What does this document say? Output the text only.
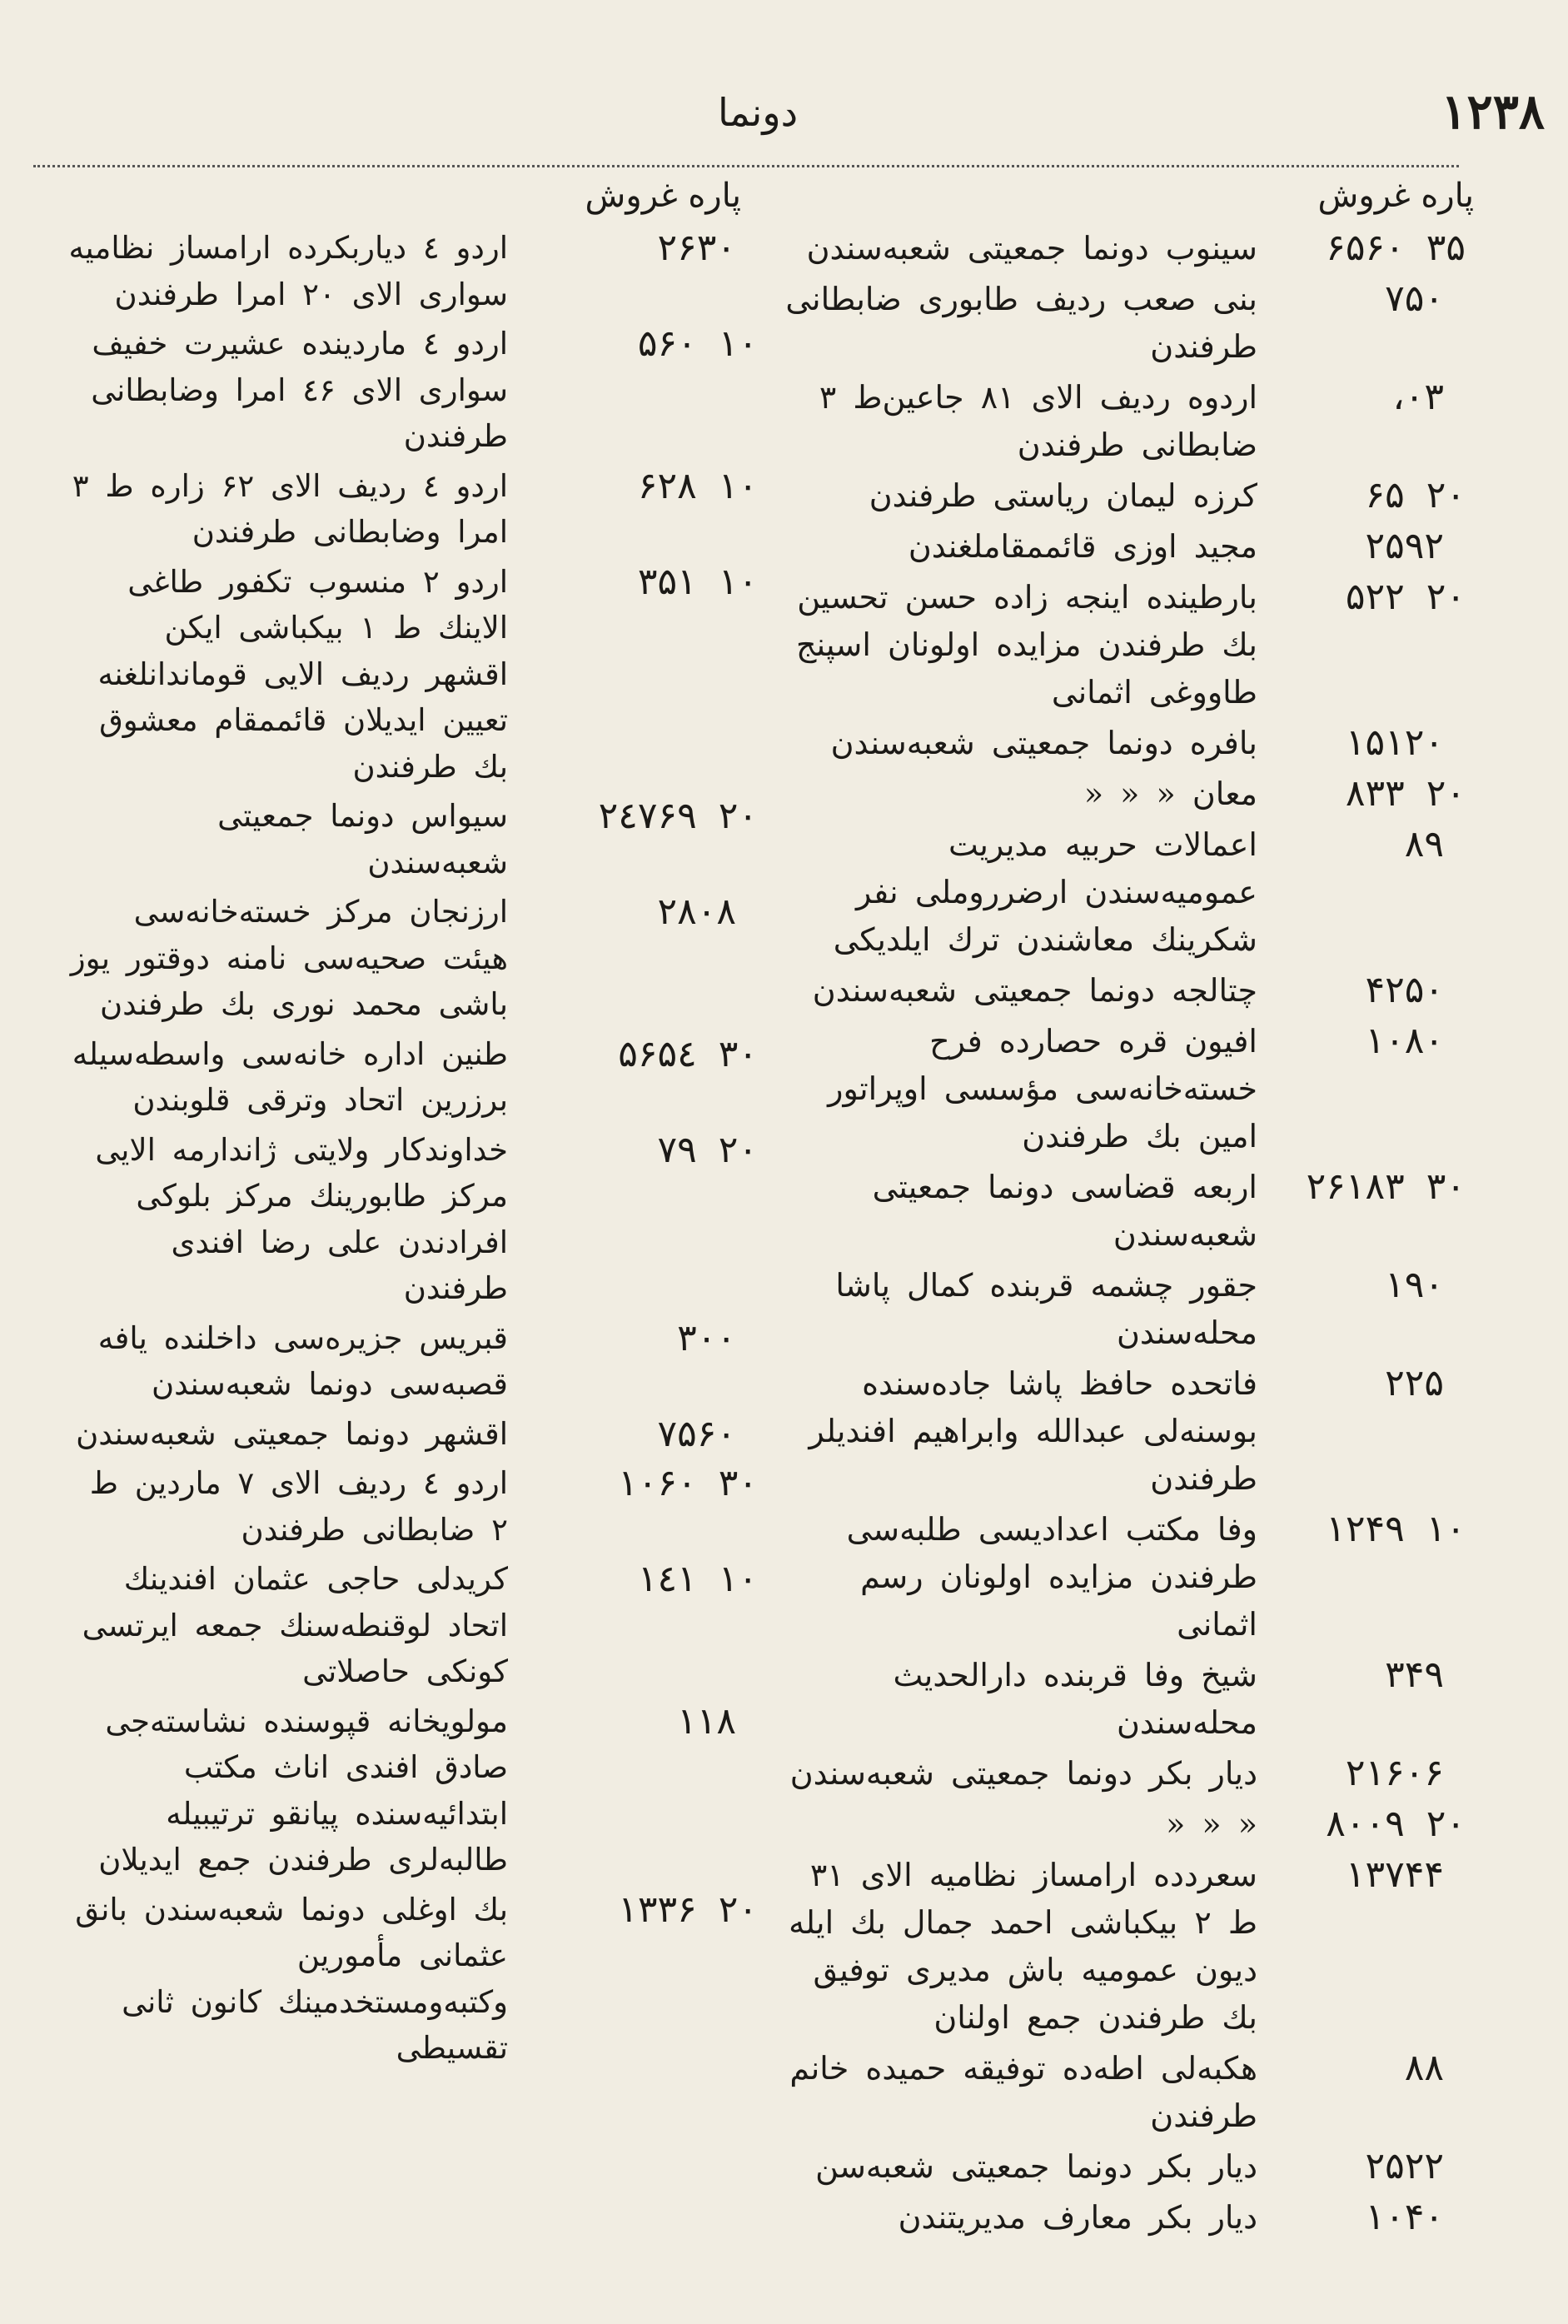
۱۲۳۸
دونما
پاره غروش
پاره غروش
۳۵
۶۵۶۰
سینوب دونما جمعیتی شعبه‌سندن
۷۵۰
بنی صعب ردیف طابوری ضابطانی طرفندن
۰۳،
اردوه ردیف الای ۸۱ جاعین‌ط ۳ ضابطانی طرفندن
۲۰
۶۵
کرزه لیمان ریاستی طرفندن
۲۵۹۲
مجید اوزی قائممقاملغندن
۲۰
۵۲۲
بارطینده اینجه زاده حسن تحسین بك طرفندن مزایده اولونان اسپنج طاووغی اثمانی
۱۵۱۲۰
بافره دونما جمعیتی شعبه‌سندن
۲۰
۸۳۳
معان « « «
۸۹
اعمالات حربیه مدیریت عمومیه‌سندن ارضرروملی نفر شکرینك معاشندن ترك ایلدیکی
۴۲۵۰
چتالجه دونما جمعیتی شعبه‌سندن
۱۰۸۰
افیون قره حصارده فرح خسته‌خانه‌سی مؤسسی اوپراتور امین بك طرفندن
۳۰
۲۶۱۸۳
اربعه قضاسی دونما جمعیتی شعبه‌سندن
۱۹۰
جقور چشمه قربنده کمال پاشا محله‌سندن
۲۲۵
فاتحده حافظ پاشا جاده‌سنده بوسنه‌لی عبدالله وابراهیم افندیلر طرفندن
۱۰
۱۲۴۹
وفا مکتب اعدادیسی طلبه‌سی طرفندن مزایده اولونان رسم اثمانی
۳۴۹
شیخ وفا قربنده دارالحدیث محله‌سندن
۲۱۶۰۶
دیار بکر دونما جمعیتی شعبه‌سندن
۲۰
۸۰۰۹
« « «
۱۳۷۴۴
سعردده ارامساز نظامیه الای ۳۱ ط ۲ بیکباشی احمد جمال بك ایله دیون عمومیه باش مدیری توفیق بك طرفندن جمع اولنان
۸۸
هکبه‌لی اطه‌ده توفیقه حمیده خانم طرفندن
۲۵۲۲
دیار بکر دونما جمعیتی شعبه‌سن
۱۰۴۰
دیار بکر معارف مدیریتندن
۲۶۳۰
اردو ٤ دیاربکرده ارامساز نظامیه سواری الای ۲۰ امرا طرفندن
۱۰
۵۶۰
اردو ٤ ماردینده عشیرت خفیف سواری الای ٤۶ امرا وضابطانی طرفندن
۱۰
۶۲۸
اردو ٤ ردیف الای ۶۲ زاره ط ۳ امرا وضابطانی طرفندن
۱۰
۳۵۱
اردو ۲ منسوب تکفور طاغی الاینك ط ۱ بیکباشی ایکن اقشهر ردیف الایی قوماندانلغنه تعیین ایدیلان قائممقام معشوق بك طرفندن
۲۰
۲٤۷۶۹
سیواس دونما جمعیتی شعبه‌سندن
۲۸۰۸
ارزنجان مرکز خسته‌خانه‌سی هیئت صحیه‌سی نامنه دوقتور یوز باشی محمد نوری بك طرفندن
۳۰
۵۶۵٤
طنین اداره خانه‌سی واسطه‌سیله برزرین اتحاد وترقی قلوبندن
۲۰
۷۹
خداوندکار ولایتی ژاندارمه الایی مرکز طابورینك مرکز بلوکی افرادندن علی رضا افندی طرفندن
۳۰۰
قبریس جزیره‌سی داخلنده یافه قصبه‌سی دونما شعبه‌سندن
۷۵۶۰
اقشهر دونما جمعیتی شعبه‌سندن
۳۰
۱۰۶۰
اردو ٤ ردیف الای ۷ ماردین ط ۲ ضابطانی طرفندن
۱۰
۱٤۱
کریدلی حاجی عثمان افندینك اتحاد لوقنطه‌سنك جمعه ایرتسی کونکی حاصلاتی
۱۱۸
مولویخانه قپوسنده نشاسته‌جی صادق افندی اناث مکتب ابتدائیه‌سنده پیانقو ترتیبیله طالبه‌لری طرفندن جمع ایدیلان
۲۰
۱۳۳۶
بك اوغلی دونما شعبه‌سندن بانق عثمانی مأمورین وکتبه‌ومستخدمینك کانون ثانی تقسیطی
